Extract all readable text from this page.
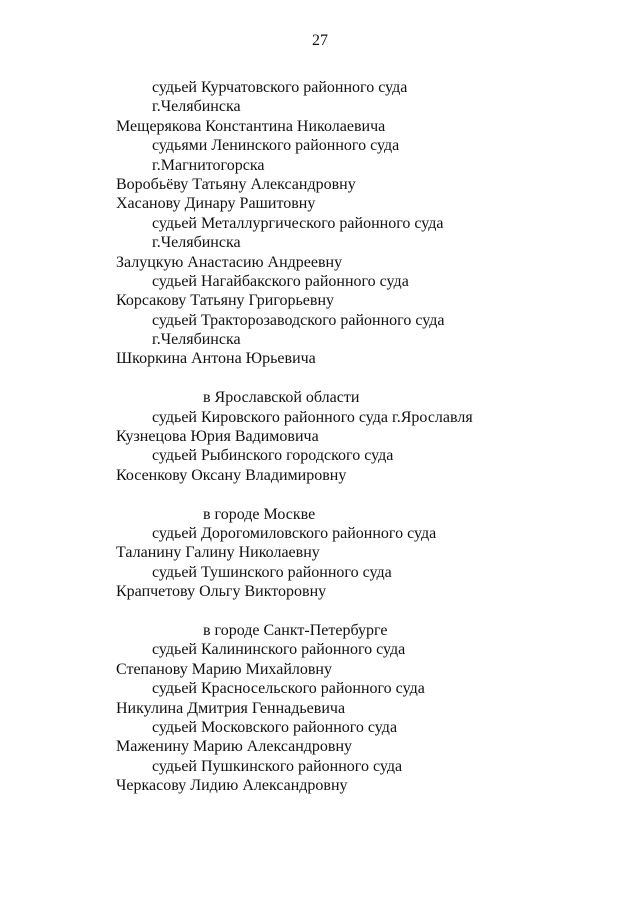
27
судьей Курчатовского районного суда
г.Челябинска
Мещерякова Константина Николаевича
судьями Ленинского районного суда
г.Магнитогорска
Воробьёву Татьяну Александровну
Хасанову Динару Рашитовну
судьей Металлургического районного суда
г.Челябинска
Залуцкую Анастасию Андреевну
судьей Нагайбакского районного суда
Корсакову Татьяну Григорьевну
судьей Тракторозаводского районного суда
г.Челябинска
Шкоркина Антона Юрьевича
в Ярославской области
судьей Кировского районного суда г.Ярославля
Кузнецова Юрия Вадимовича
судьей Рыбинского городского суда
Косенкову Оксану Владимировну
в городе Москве
судьей Дорогомиловского районного суда
Таланину Галину Николаевну
судьей Тушинского районного суда
Крапчетову Ольгу Викторовну
в городе Санкт-Петербурге
судьей Калининского районного суда
Степанову Марию Михайловну
судьей Красносельского районного суда
Никулина Дмитрия Геннадьевича
судьей Московского районного суда
Маженину Марию Александровну
судьей Пушкинского районного суда
Черкасову Лидию Александровну
